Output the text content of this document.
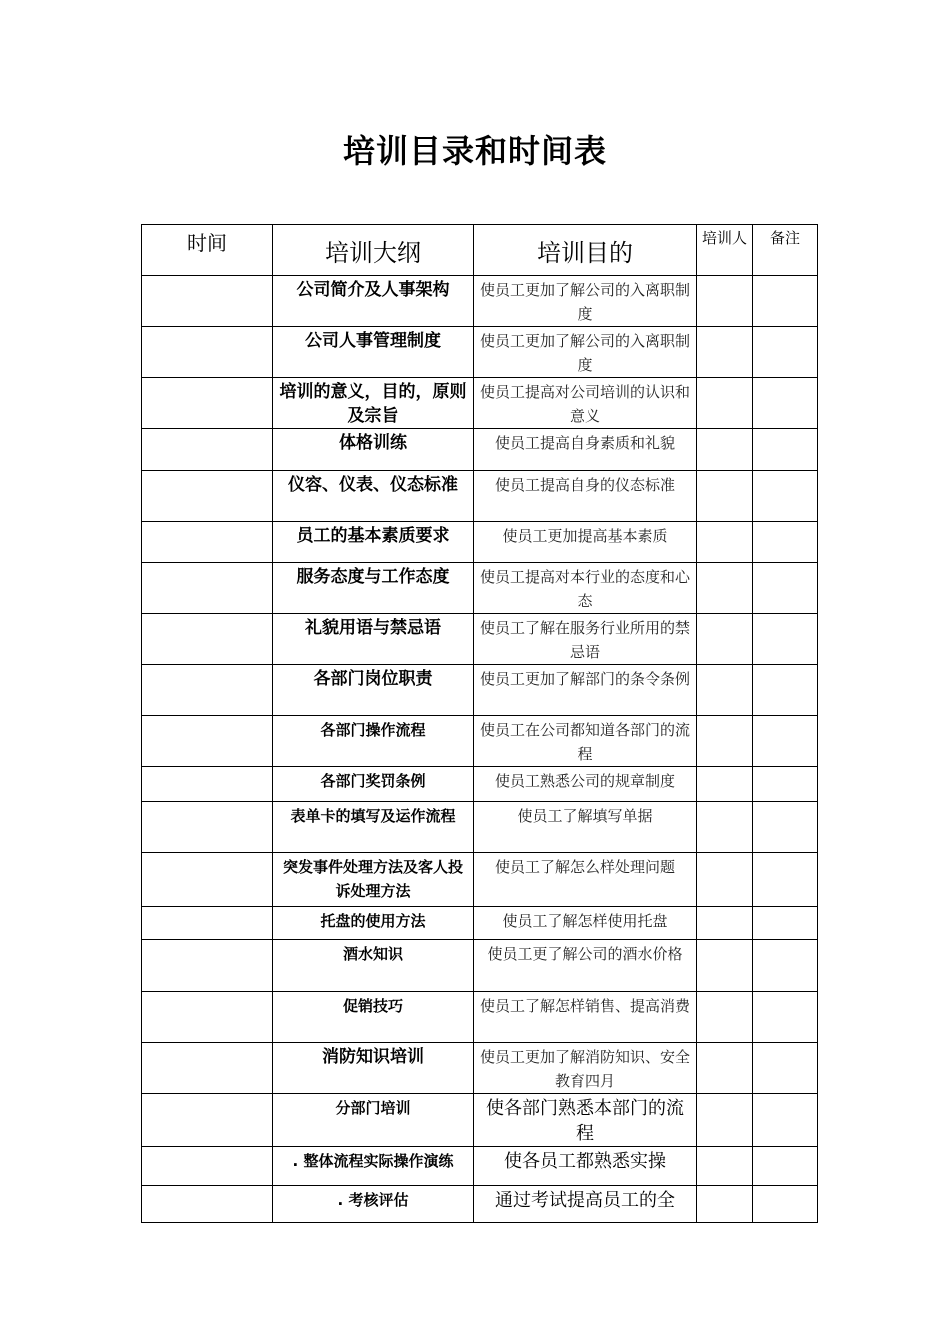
培训目录和时间表
时间	培训大纲	培训目的	培训人	备注
	公司简介及人事架构	使员工更加了解公司的入离职制度		
	公司人事管理制度	使员工更加了解公司的入离职制度		
	培训的意义，目的，原则及宗旨	使员工提高对公司培训的认识和意义		
	体格训练	使员工提高自身素质和礼貌		
	仪容、仪表、仪态标准	使员工提高自身的仪态标准		
	员工的基本素质要求	使员工更加提高基本素质		
	服务态度与工作态度	使员工提高对本行业的态度和心态		
	礼貌用语与禁忌语	使员工了解在服务行业所用的禁忌语		
	各部门岗位职责	使员工更加了解部门的条令条例		
	各部门操作流程	使员工在公司都知道各部门的流程		
	各部门奖罚条例	使员工熟悉公司的规章制度		
	表单卡的填写及运作流程	使员工了解填写单据		
	突发事件处理方法及客人投诉处理方法	使员工了解怎么样处理问题		
	托盘的使用方法	使员工了解怎样使用托盘		
	酒水知识	使员工更了解公司的酒水价格		
	促销技巧	使员工了解怎样销售、提高消费		
	消防知识培训	使员工更加了解消防知识、安全教育四月		
	分部门培训	使各部门熟悉本部门的流程		
	. 整体流程实际操作演练	使各员工都熟悉实操		
	. 考核评估	通过考试提高员工的全		
